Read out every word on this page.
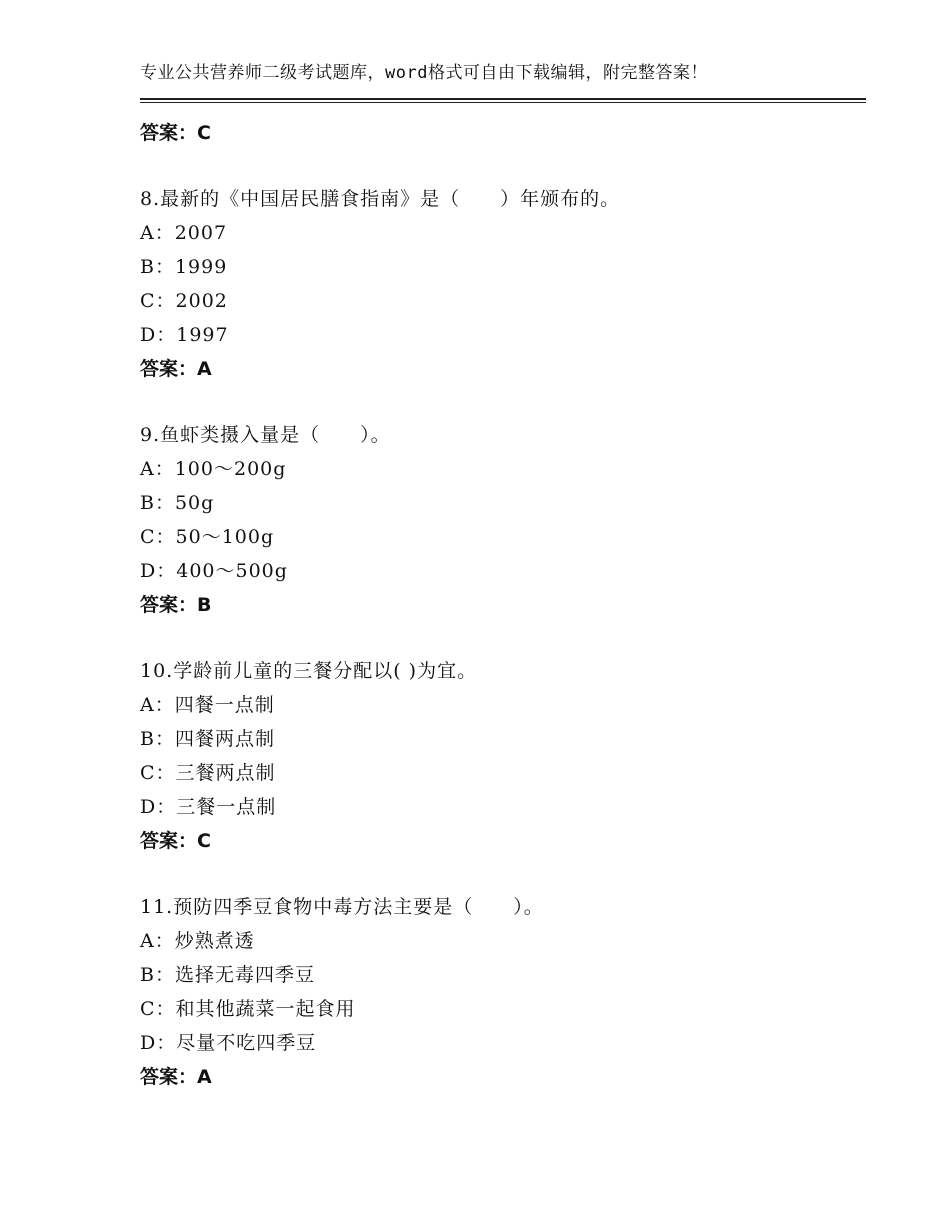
专业公共营养师二级考试题库，word格式可自由下载编辑，附完整答案！
答案：C
8.最新的《中国居民膳食指南》是（　　）年颁布的。
A：2007
B：1999
C：2002
D：1997
答案：A
9.鱼虾类摄入量是（　　）。
A：100～200g
B：50g
C：50～100g
D：400～500g
答案：B
10.学龄前儿童的三餐分配以( )为宜。
A：四餐一点制
B：四餐两点制
C：三餐两点制
D：三餐一点制
答案：C
11.预防四季豆食物中毒方法主要是（　　）。
A：炒熟煮透
B：选择无毒四季豆
C：和其他蔬菜一起食用
D：尽量不吃四季豆
答案：A
